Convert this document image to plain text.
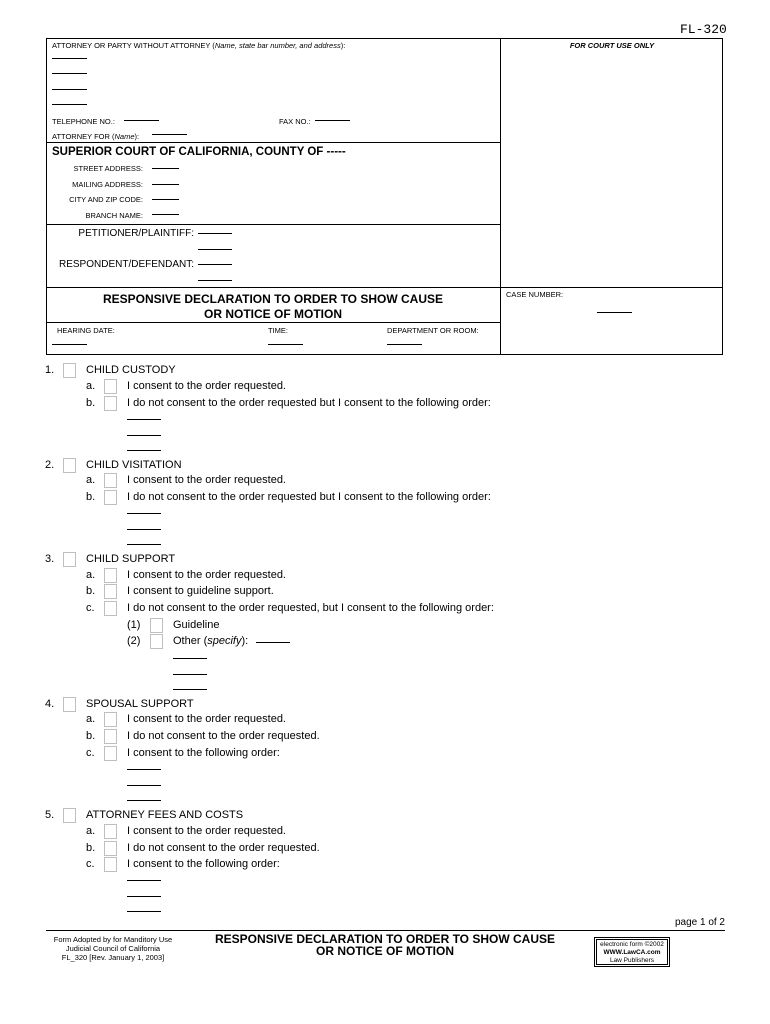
FL-320
ATTORNEY OR PARTY WITHOUT ATTORNEY (Name, state bar number, and address):	FOR COURT USE ONLY
TELEPHONE NO.:	FAX NO.:
ATTORNEY FOR (Name):
SUPERIOR COURT OF CALIFORNIA, COUNTY OF -----
STREET ADDRESS:
MAILING ADDRESS:
CITY AND ZIP CODE:
BRANCH NAME:
PETITIONER/PLAINTIFF:
RESPONDENT/DEFENDANT:
RESPONSIVE DECLARATION TO ORDER TO SHOW CAUSE
OR NOTICE OF MOTION
CASE NUMBER:
HEARING DATE:	TIME:	DEPARTMENT OR ROOM:
1.	CHILD CUSTODY
a.	I consent to the order requested.
b.	I do not consent to the order requested but I consent to the following order:
2.	CHILD VISITATION
a.	I consent to the order requested.
b.	I do not consent to the order requested but I consent to the following order:
3.	CHILD SUPPORT
a.	I consent to the order requested.
b.	I consent to guideline support.
c.	I do not consent to the order requested, but I consent to the following order:
(1)	Guideline
(2)	Other (specify):
4.	SPOUSAL SUPPORT
a.	I consent to the order requested.
b.	I do not consent to the order requested.
c.	I consent to the following order:
5.	ATTORNEY FEES AND COSTS
a.	I consent to the order requested.
b.	I do not consent to the order requested.
c.	I consent to the following order:
page 1 of 2
Form Adopted by for Manditory Use
Judicial Council of California
FL_320 [Rev. January 1, 2003]
RESPONSIVE DECLARATION TO ORDER TO SHOW CAUSE
OR NOTICE OF MOTION	electronic form ©2002
WWW.LawCA.com
Law Publishers
